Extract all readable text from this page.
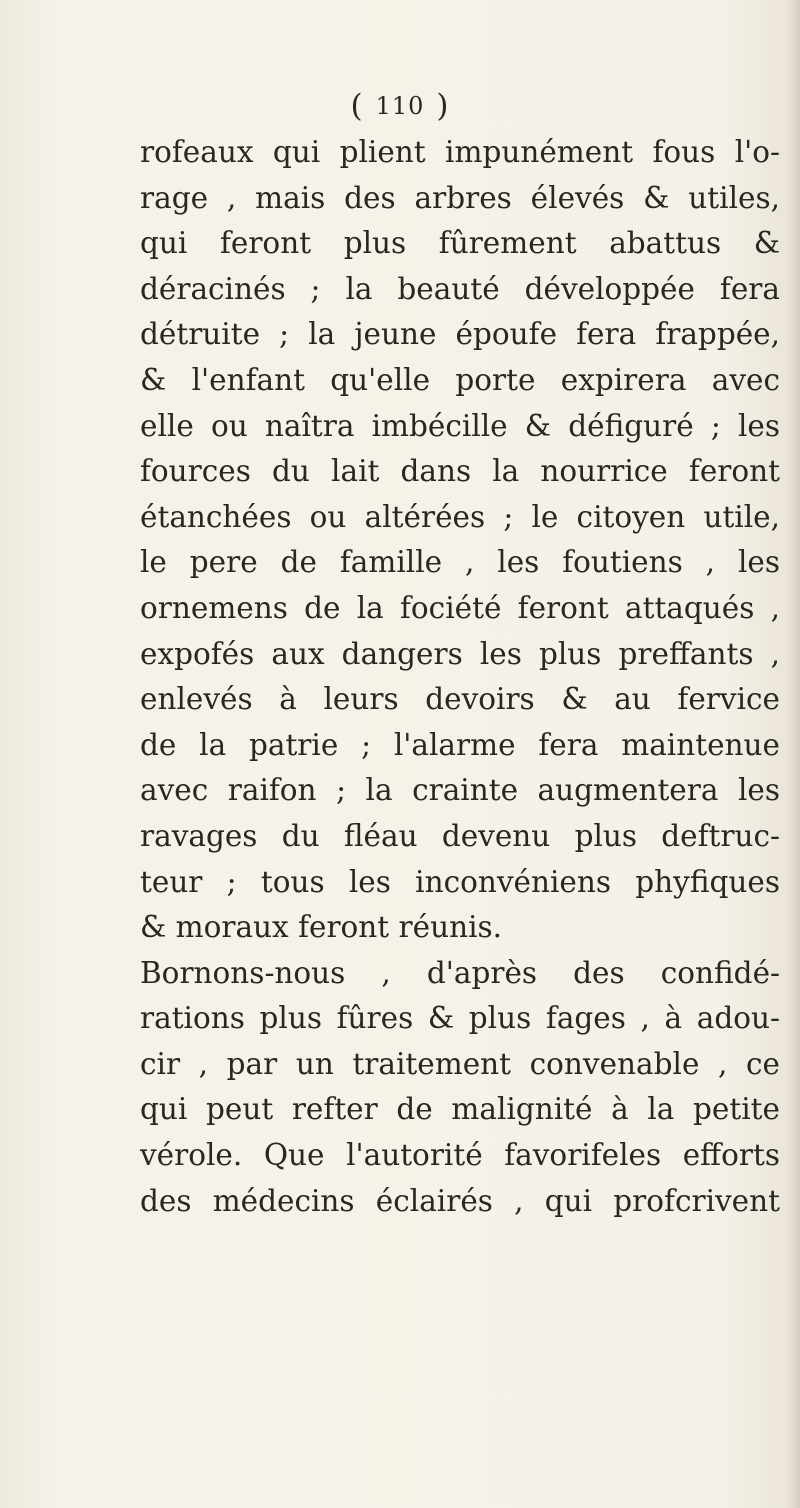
( 110 )
rofeaux qui plient impunément fous l'o-
rage , mais des arbres élevés & utiles,
qui feront plus fûrement abattus &
déracinés ; la beauté développée fera
détruite ; la jeune époufe fera frappée,
& l'enfant qu'elle porte expirera avec
elle ou naîtra imbécille & défiguré ; les
fources du lait dans la nourrice feront
étanchées ou altérées ; le citoyen utile,
le pere de famille , les foutiens , les
ornemens de la fociété feront attaqués ,
expofés aux dangers les plus preffants ,
enlevés à leurs devoirs & au fervice
de la patrie ; l'alarme fera maintenue
avec raifon ; la crainte augmentera les
ravages du fléau devenu plus deftruc-
teur ; tous les inconvéniens phyfiques
& moraux feront réunis.
Bornons-nous , d'après des confidé-
rations plus fûres & plus fages , à adou-
cir , par un traitement convenable , ce
qui peut refter de malignité à la petite
vérole. Que l'autorité favorifeles efforts
des médecins éclairés , qui profcrivent
